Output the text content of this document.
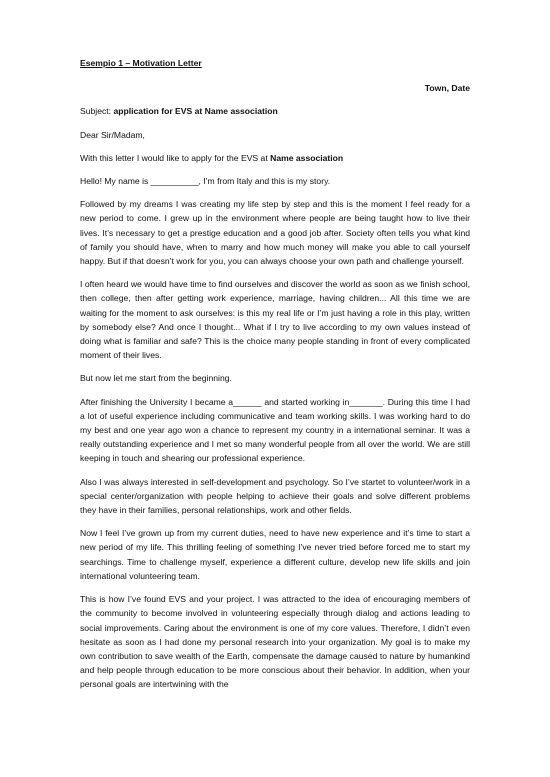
Esempio 1 – Motivation Letter

Town, Date

Subject: application for EVS at Name association

Dear Sir/Madam,

With this letter I would like to apply for the EVS at Name association

Hello! My name is __________, I’m from Italy and this is my story.

Followed by my dreams I was creating my life step by step and this is the moment I feel ready for a new period to come. I grew up in the environment where people are being taught how to live their lives. It’s necessary to get a prestige education and a good job after. Society often tells you what kind of family you should have, when to marry and how much money will make you able to call yourself happy. But if that doesn’t work for you, you can always choose your own path and challenge yourself.

I often heard we would have time to find ourselves and discover the world as soon as we finish school, then college, then after getting work experience, marriage, having children... All this time we are waiting for the moment to ask ourselves: is this my real life or I’m just having a role in this play, written by somebody else? And once I thought... What if I try to live according to my own values instead of doing what is familiar and safe? This is the choice many people standing in front of every complicated moment of their lives.

But now let me start from the beginning.

After finishing the University I became a______ and started working in_______. During this time I had a lot of useful experience including communicative and team working skills. I was working hard to do my best and one year ago won a chance to represent my country in a international seminar. It was a really outstanding experience and I met so many wonderful people from all over the world. We are still keeping in touch and shearing our professional experience.

Also I was always interested in self-development and psychology. So I’ve startet to volunteer/work in a special center/organization with people helping to achieve their goals and solve different problems they have in their families, personal relationships, work and other fields.

Now I feel I’ve grown up from my current duties, need to have new experience and it’s time to start a new period of my life. This thrilling feeling of something I’ve never tried before forced me to start my searchings. Time to challenge myself, experience a different culture, develop new life skills and join international volunteering team.

This is how I’ve found EVS and your project. I was attracted to the idea of encouraging members of the community to become involved in volunteering especially through dialog and actions leading to social improvements. Caring about the environment is one of my core values. Therefore, I didn’t even hesitate as soon as I had done my personal research into your organization. My goal is to make my own contribution to save wealth of the Earth, compensate the damage caused to nature by humankind and help people through education to be more conscious about their behavior. In addition, when your personal goals are intertwining with the
